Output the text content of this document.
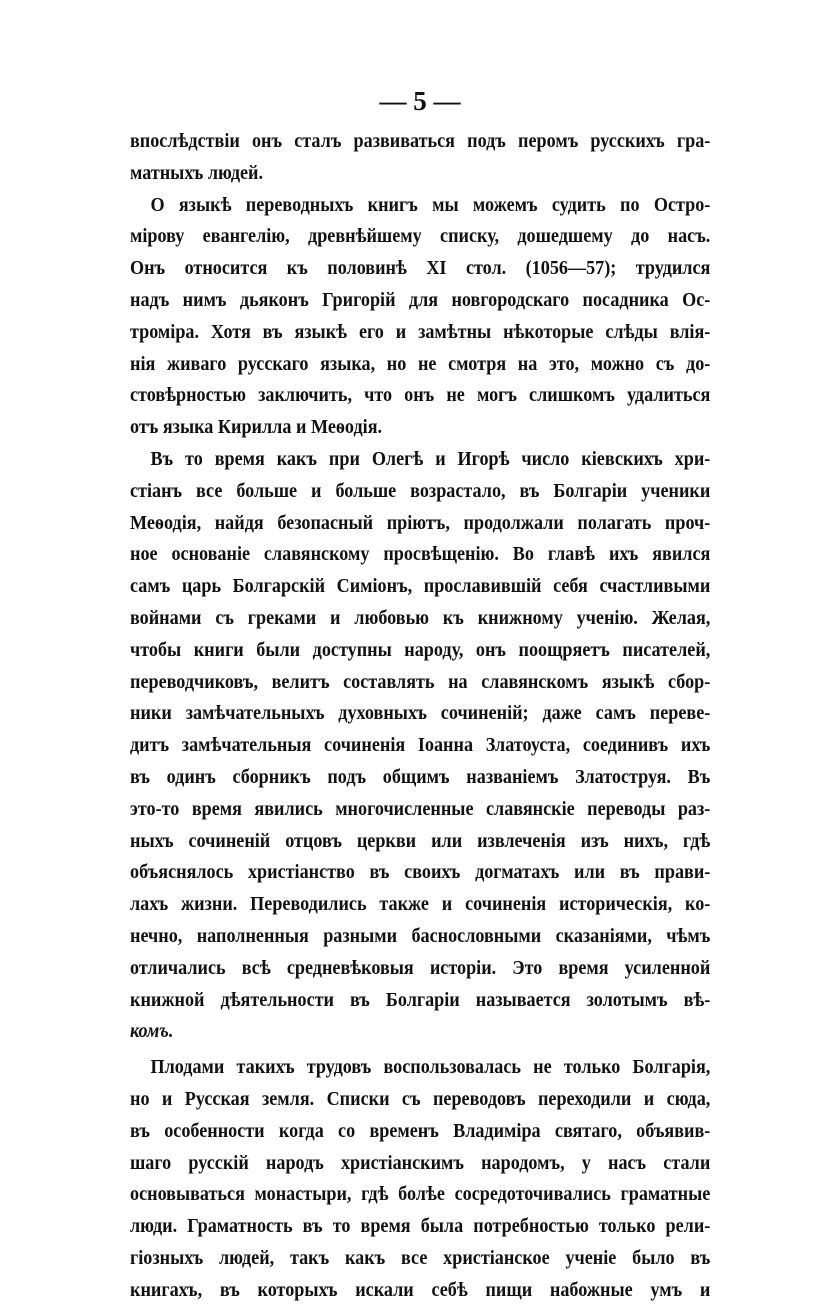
— 5 —
впослѣдствіи онъ сталъ развиваться подъ перомъ русскихъ гра-
матныхъ людей.
О языкѣ переводныхъ книгъ мы можемъ судить по Остро-
мірову евангелію, древнѣйшему списку, дошедшему до насъ.
Онъ относится къ половинѣ XI стол. (1056—57); трудился
надъ нимъ дьяконъ Григорій для новгородскаго посадника Ос-
троміра. Хотя въ языкѣ его и замѣтны нѣкоторые слѣды влія-
нія живаго русскаго языка, но не смотря на это, можно съ до-
стовѣрностью заключить, что онъ не могъ слишкомъ удалиться
отъ языка Кирилла и Меѳодія.
Въ то время какъ при Олегѣ и Игорѣ число кіевскихъ хри-
стіанъ все больше и больше возрастало, въ Болгаріи ученики
Меѳодія, найдя безопасный пріютъ, продолжали полагать проч-
ное основаніе славянскому просвѣщенію. Во главѣ ихъ явился
самъ царь Болгарскій Симіонъ, прославившій себя счастливыми
войнами съ греками и любовью къ книжному ученію. Желая,
чтобы книги были доступны народу, онъ поощряетъ писателей,
переводчиковъ, велитъ составлять на славянскомъ языкѣ сбор-
ники замѣчательныхъ духовныхъ сочиненій; даже самъ переве-
дитъ замѣчательныя сочиненія Іоанна Златоуста, соединивъ ихъ
въ одинъ сборникъ подъ общимъ названіемъ Златоструя. Въ
это-то время явились многочисленные славянскіе переводы раз-
ныхъ сочиненій отцовъ церкви или извлеченія изъ нихъ, гдѣ
объяснялось христіанство въ своихъ догматахъ или въ прави-
лахъ жизни. Переводились также и сочиненія историческія, ко-
нечно, наполненныя разными баснословными сказаніями, чѣмъ
отличались всѣ средневѣковыя исторіи. Это время усиленной
книжной дѣятельности въ Болгаріи называется золотымъ вѣ-
комъ.
Плодами такихъ трудовъ воспользовалась не только Болгарія,
но и Русская земля. Списки съ переводовъ переходили и сюда,
въ особенности когда со временъ Владиміра святаго, объявив-
шаго русскій народъ христіанскимъ народомъ, у насъ стали
основываться монастыри, гдѣ болѣе сосредоточивались граматные
люди. Граматность въ то время была потребностью только рели-
гіозныхъ людей, такъ какъ все христіанское ученіе было въ
книгахъ, въ которыхъ искали себѣ пищи набожные умъ и
